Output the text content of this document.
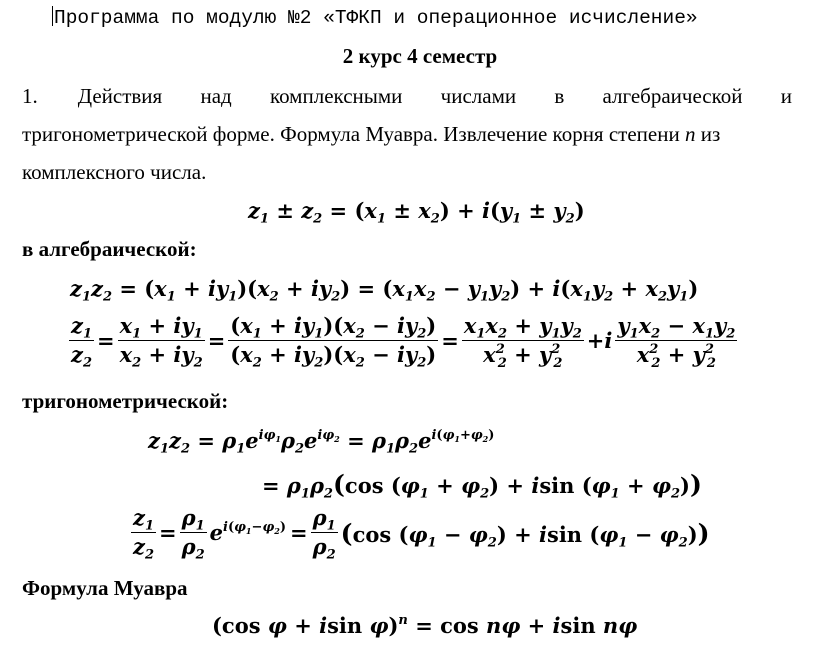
Программа по модулю №2 «ТФКП и операционное исчисление»
2 курс 4 семестр
1. Действия над комплексными числами в алгебраической и
тригонометрической форме. Формула Муавра. Извлечение корня степени n из
комплексного числа.
$z_1 \pm z_2 = (x_1 \pm x_2) + i(y_1 \pm y_2)$
в алгебраической:
$z_1z_2 = (x_1 + iy_1)(x_2 + iy_2) = (x_1x_2 - y_1y_2) + i(x_1y_2 + x_2y_1)$
$\frac{z_1}{z_2} = \frac{x_1 + iy_1}{x_2 + iy_2} = \frac{(x_1 + iy_1)(x_2 - iy_2)}{(x_2 + iy_2)(x_2 - iy_2)} = \frac{x_1x_2 + y_1y_2}{x^2_2 + y^2_2} + i \frac{y_1x_2 - x_1y_2}{x^2_2 + y^2_2}$
тригонометрической:
$z_1z_2 = \rho_1e^{i\varphi_1}\rho_2e^{i\varphi_2} = \rho_1\rho_2e^{i(\varphi_1+\varphi_2)}$
= $\rho_1\rho_2(\cos$ $(\varphi_1 + \varphi_2) + isin$ $(\varphi_1 + \varphi_2)$)
$\frac{z_1}{z_2} = \frac{\rho_1}{\rho_2} e^{i(\varphi_1-\varphi_2)} = \frac{\rho_1}{\rho_2} (\cos$ $(\varphi_1 - \varphi_2) + isin$ $(\varphi_1 - \varphi_2)$)
Формула Муавра
(cos φ + isin φ)$^n$ = cos nφ + isin nφ
